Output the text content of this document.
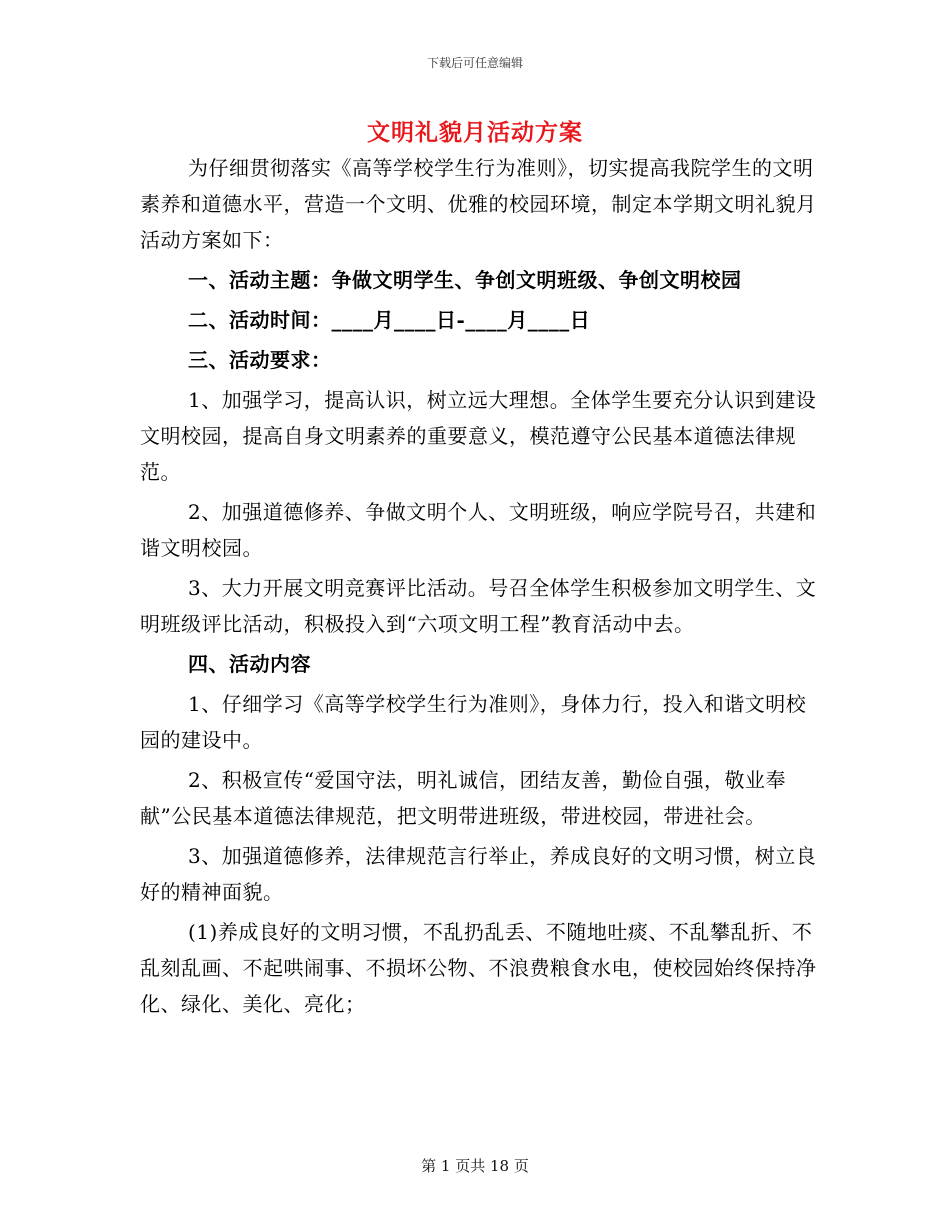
下载后可任意编辑
文明礼貌月活动方案

为仔细贯彻落实《高等学校学生行为准则》，切实提高我院学生的文明素养和道德水平，营造一个文明、优雅的校园环境，制定本学期文明礼貌月活动方案如下：

一、活动主题：争做文明学生、争创文明班级、争创文明校园

二、活动时间：____月____日-____月____日

三、活动要求：

1、加强学习，提高认识，树立远大理想。全体学生要充分认识到建设文明校园，提高自身文明素养的重要意义，模范遵守公民基本道德法律规范。

2、加强道德修养、争做文明个人、文明班级，响应学院号召，共建和谐文明校园。

3、大力开展文明竞赛评比活动。号召全体学生积极参加文明学生、文明班级评比活动，积极投入到“六项文明工程”教育活动中去。

四、活动内容

1、仔细学习《高等学校学生行为准则》，身体力行，投入和谐文明校园的建设中。

2、积极宣传“爱国守法，明礼诚信，团结友善，勤俭自强，敬业奉献”公民基本道德法律规范，把文明带进班级，带进校园，带进社会。

3、加强道德修养，法律规范言行举止，养成良好的文明习惯，树立良好的精神面貌。

(1)养成良好的文明习惯，不乱扔乱丢、不随地吐痰、不乱攀乱折、不乱刻乱画、不起哄闹事、不损坏公物、不浪费粮食水电，使校园始终保持净化、绿化、美化、亮化；

第 1 页共 18 页
